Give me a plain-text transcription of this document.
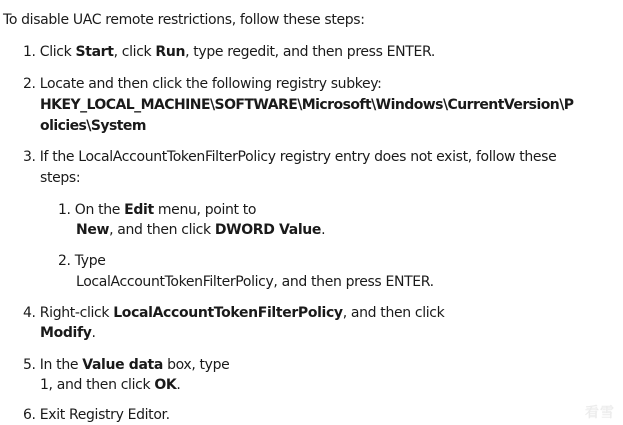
To disable UAC remote restrictions, follow these steps:
1. Click Start, click Run, type regedit, and then press ENTER.
2. Locate and then click the following registry subkey:
HKEY_LOCAL_MACHINE\SOFTWARE\Microsoft\Windows\CurrentVersion\P
olicies\System
3. If the LocalAccountTokenFilterPolicy registry entry does not exist, follow these
steps:
1. On the Edit menu, point to
New, and then click DWORD Value.
2. Type
LocalAccountTokenFilterPolicy, and then press ENTER.
4. Right-click LocalAccountTokenFilterPolicy, and then click
Modify.
5. In the Value data box, type
1, and then click OK.
6. Exit Registry Editor.	看雪
